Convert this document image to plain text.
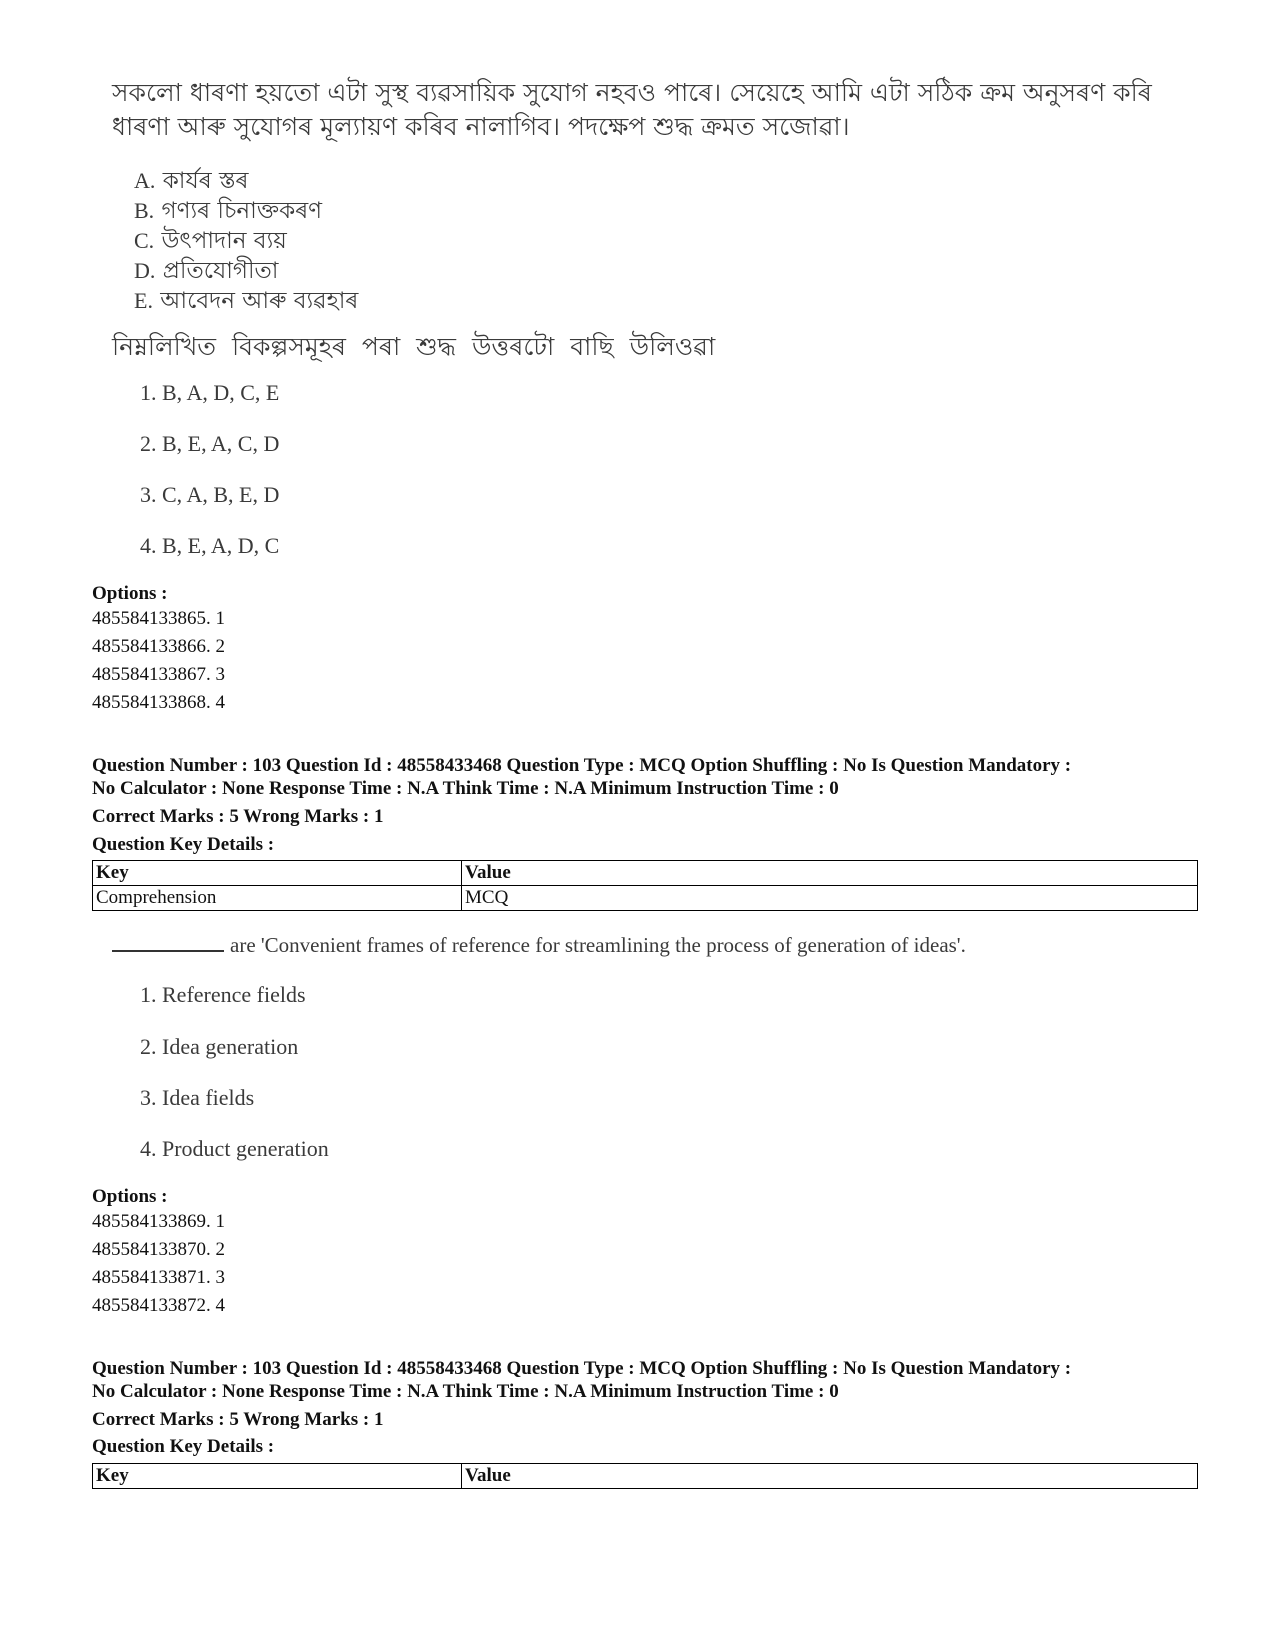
সকলো ধাৰণা হয়তো এটা সুস্থ ব্যৱসায়িক সুযোগ নহবও পাৰে। সেয়েহে আমি এটা সঠিক ক্ৰম অনুসৰণ কৰি
ধাৰণা আৰু সুযোগৰ মূল্যায়ণ কৰিব নালাগিব। পদক্ষেপ শুদ্ধ ক্ৰমত সজোৱা।
A. কাৰ্যৰ স্তৰ
B. গণ্যৰ চিনাক্তকৰণ
C. উৎপাদান ব্যয়
D. প্ৰতিযোগীতা
E. আবেদন আৰু ব্যৱহাৰ
নিম্নলিখিত বিকল্পসমূহৰ পৰা শুদ্ধ উত্তৰটো বাছি উলিওৱা
1. B, A, D, C, E
2. B, E, A, C, D
3. C, A, B, E, D
4. B, E, A, D, C
Options :
485584133865. 1
485584133866. 2
485584133867. 3
485584133868. 4
Question Number : 103 Question Id : 48558433468 Question Type : MCQ Option Shuffling : No Is Question Mandatory :
No Calculator : None Response Time : N.A Think Time : N.A Minimum Instruction Time : 0
Correct Marks : 5 Wrong Marks : 1
Question Key Details :
Key	Value
Comprehension	MCQ
are 'Convenient frames of reference for streamlining the process of generation of ideas'.
1. Reference fields
2. Idea generation
3. Idea fields
4. Product generation
Options :
485584133869. 1
485584133870. 2
485584133871. 3
485584133872. 4
Question Number : 103 Question Id : 48558433468 Question Type : MCQ Option Shuffling : No Is Question Mandatory :
No Calculator : None Response Time : N.A Think Time : N.A Minimum Instruction Time : 0
Correct Marks : 5 Wrong Marks : 1
Question Key Details :
Key	Value
